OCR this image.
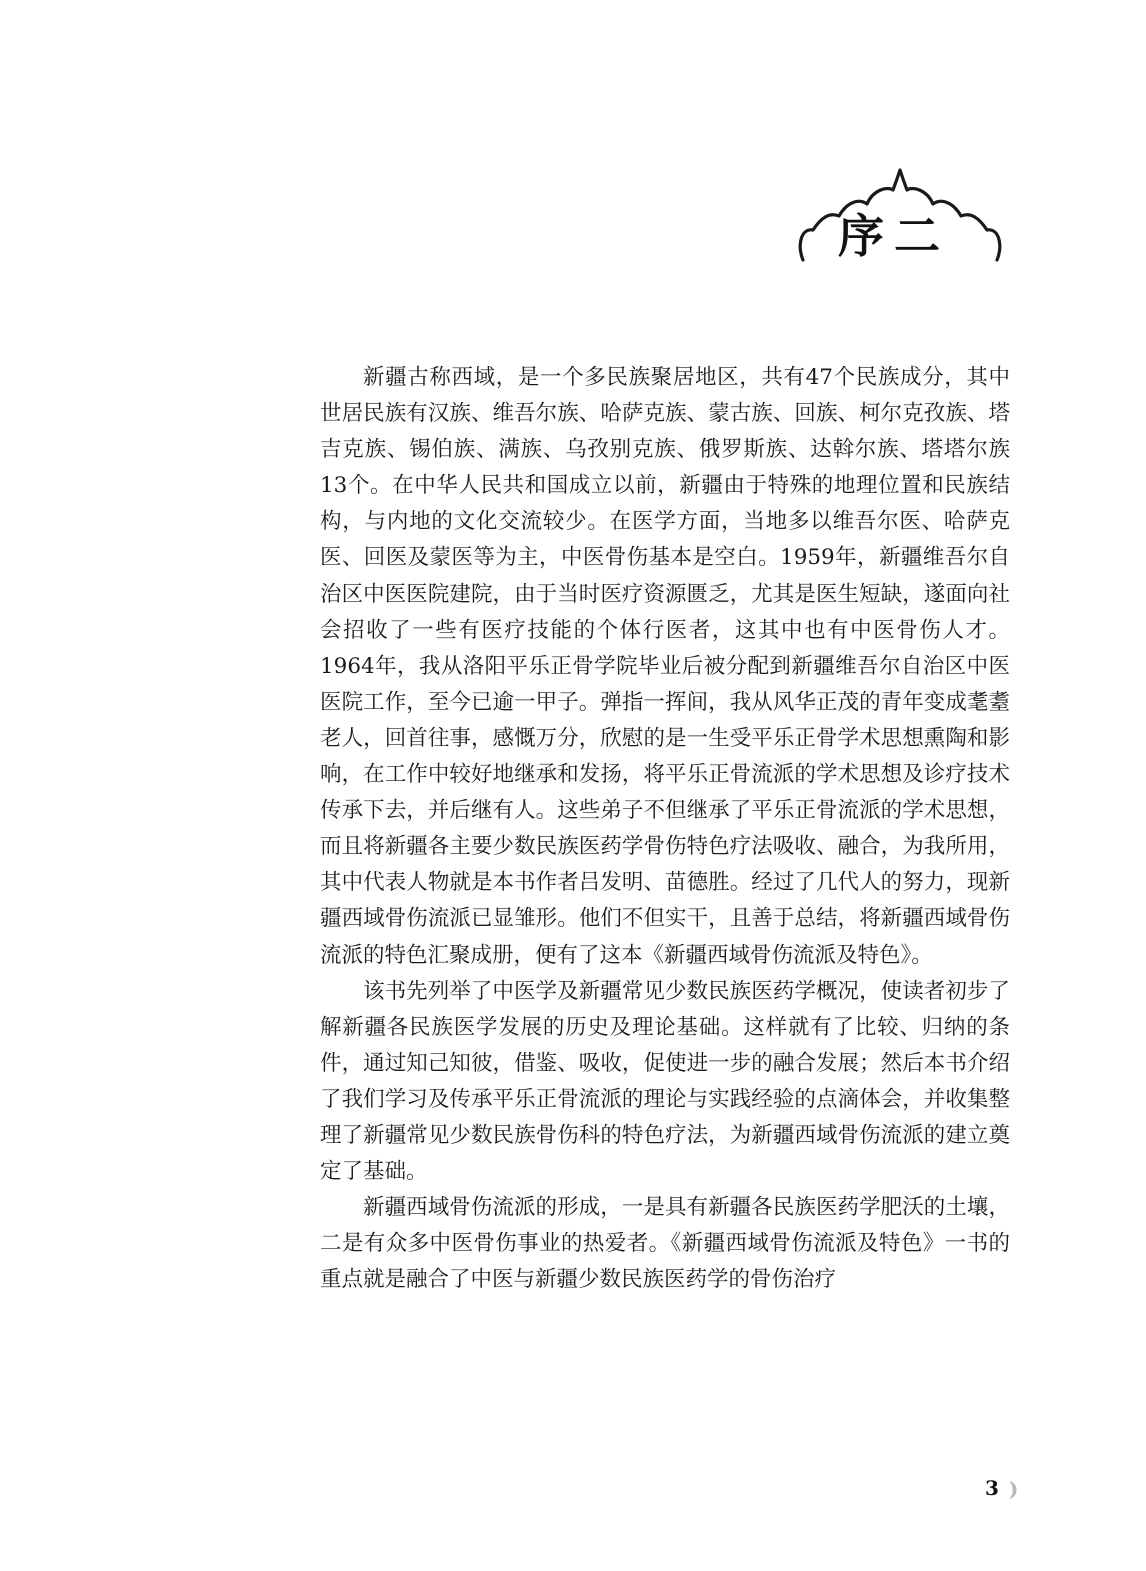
序二

新疆古称西域，是一个多民族聚居地区，共有47个民族成分，其中世居民族有汉族、维吾尔族、哈萨克族、蒙古族、回族、柯尔克孜族、塔吉克族、锡伯族、满族、乌孜别克族、俄罗斯族、达斡尔族、塔塔尔族13个。在中华人民共和国成立以前，新疆由于特殊的地理位置和民族结构，与内地的文化交流较少。在医学方面，当地多以维吾尔医、哈萨克医、回医及蒙医等为主，中医骨伤基本是空白。1959年，新疆维吾尔自治区中医医院建院，由于当时医疗资源匮乏，尤其是医生短缺，遂面向社会招收了一些有医疗技能的个体行医者，这其中也有中医骨伤人才。1964年，我从洛阳平乐正骨学院毕业后被分配到新疆维吾尔自治区中医医院工作，至今已逾一甲子。弹指一挥间，我从风华正茂的青年变成耄耋老人，回首往事，感慨万分，欣慰的是一生受平乐正骨学术思想熏陶和影响，在工作中较好地继承和发扬，将平乐正骨流派的学术思想及诊疗技术传承下去，并后继有人。这些弟子不但继承了平乐正骨流派的学术思想，而且将新疆各主要少数民族医药学骨伤特色疗法吸收、融合，为我所用，其中代表人物就是本书作者吕发明、苗德胜。经过了几代人的努力，现新疆西域骨伤流派已显雏形。他们不但实干，且善于总结，将新疆西域骨伤流派的特色汇聚成册，便有了这本《新疆西域骨伤流派及特色》。

该书先列举了中医学及新疆常见少数民族医药学概况，使读者初步了解新疆各民族医学发展的历史及理论基础。这样就有了比较、归纳的条件，通过知己知彼，借鉴、吸收，促使进一步的融合发展；然后本书介绍了我们学习及传承平乐正骨流派的理论与实践经验的点滴体会，并收集整理了新疆常见少数民族骨伤科的特色疗法，为新疆西域骨伤流派的建立奠定了基础。

新疆西域骨伤流派的形成，一是具有新疆各民族医药学肥沃的土壤，二是有众多中医骨伤事业的热爱者。《新疆西域骨伤流派及特色》一书的重点就是融合了中医与新疆少数民族医药学的骨伤治疗

3
